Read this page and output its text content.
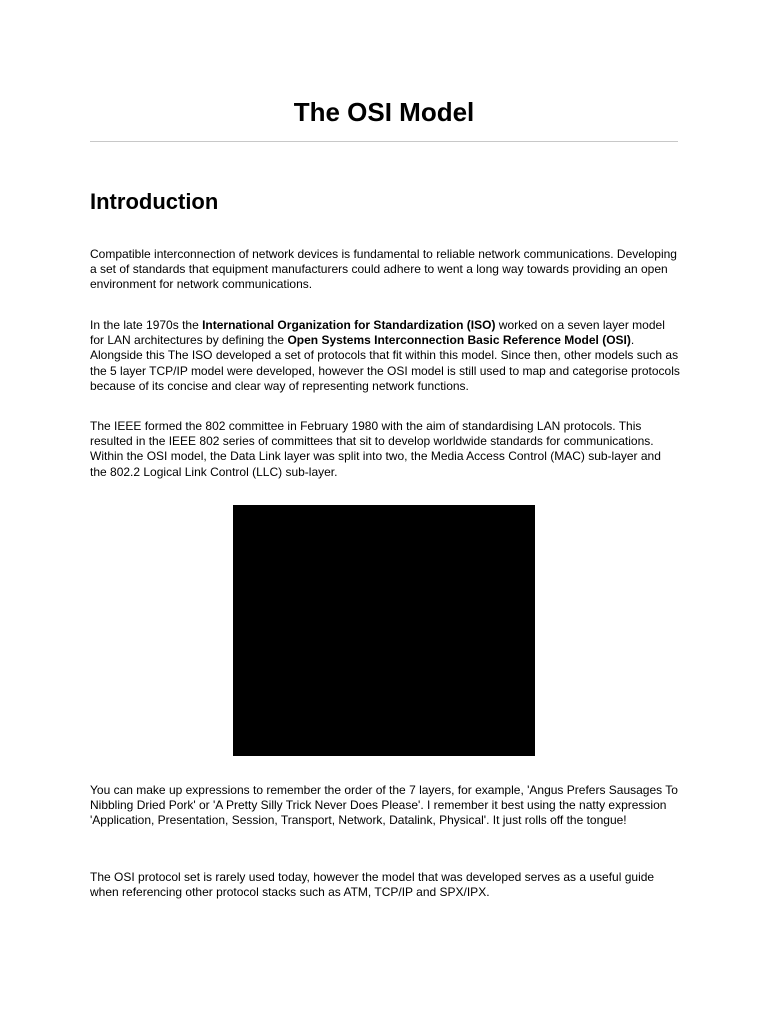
The OSI Model
Introduction

Compatible interconnection of network devices is fundamental to reliable network communications. Developing a set of standards that equipment manufacturers could adhere to went a long way towards providing an open environment for network communications.

In the late 1970s the International Organization for Standardization (ISO) worked on a seven layer model for LAN architectures by defining the Open Systems Interconnection Basic Reference Model (OSI). Alongside this The ISO developed a set of protocols that fit within this model. Since then, other models such as the 5 layer TCP/IP model were developed, however the OSI model is still used to map and categorise protocols because of its concise and clear way of representing network functions.

The IEEE formed the 802 committee in February 1980 with the aim of standardising LAN protocols. This resulted in the IEEE 802 series of committees that sit to develop worldwide standards for communications. Within the OSI model, the Data Link layer was split into two, the Media Access Control (MAC) sub-layer and the 802.2 Logical Link Control (LLC) sub-layer.

You can make up expressions to remember the order of the 7 layers, for example, 'Angus Prefers Sausages To Nibbling Dried Pork' or 'A Pretty Silly Trick Never Does Please'. I remember it best using the natty expression 'Application, Presentation, Session, Transport, Network, Datalink, Physical'. It just rolls off the tongue!

The OSI protocol set is rarely used today, however the model that was developed serves as a useful guide when referencing other protocol stacks such as ATM, TCP/IP and SPX/IPX.
